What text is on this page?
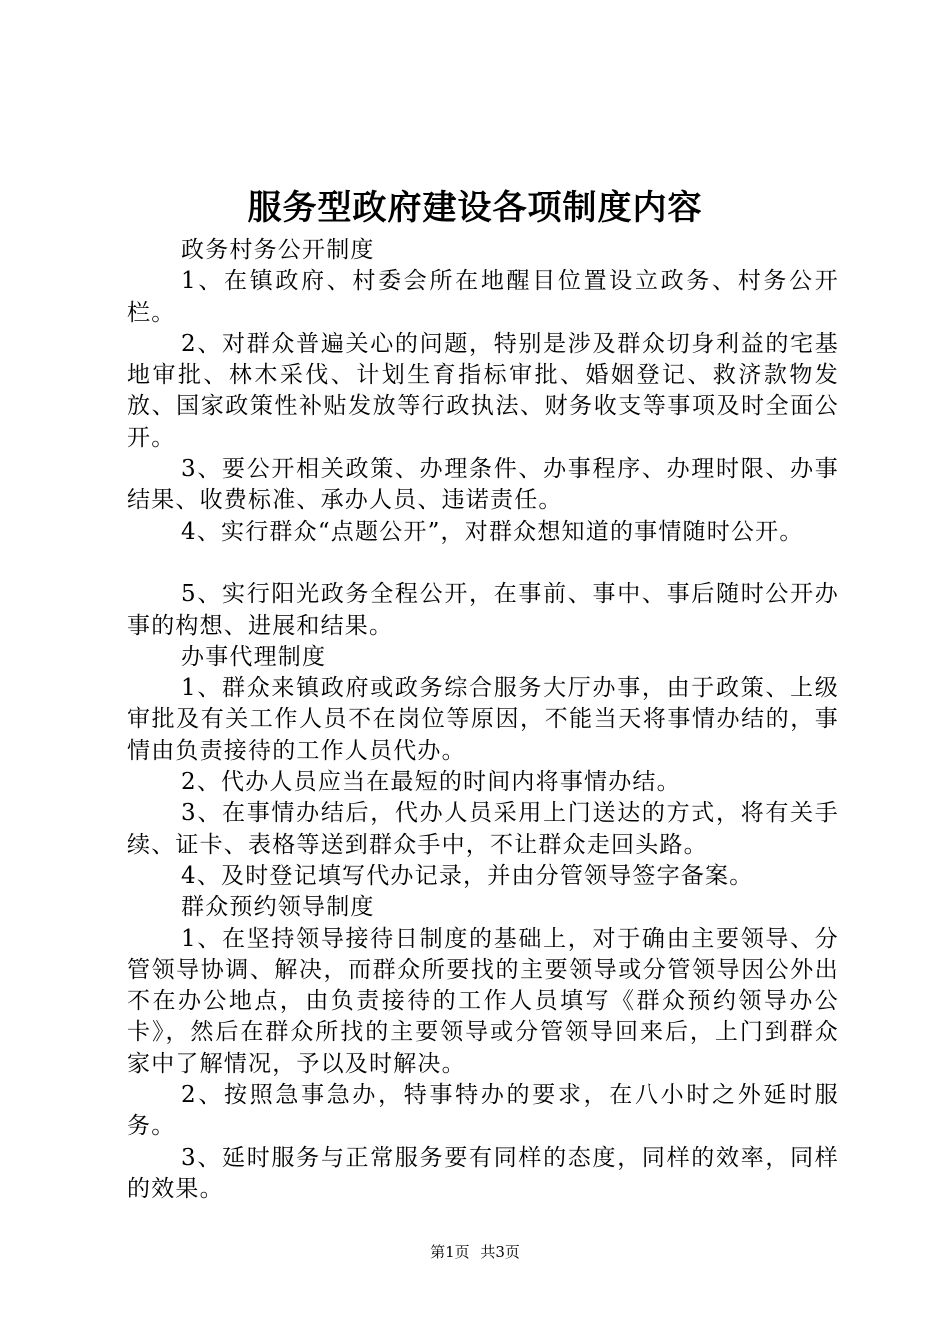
服务型政府建设各项制度内容

政务村务公开制度

1、在镇政府、村委会所在地醒目位置设立政务、村务公开栏。

2、对群众普遍关心的问题，特别是涉及群众切身利益的宅基地审批、林木采伐、计划生育指标审批、婚姻登记、救济款物发放、国家政策性补贴发放等行政执法、财务收支等事项及时全面公开。

3、要公开相关政策、办理条件、办事程序、办理时限、办事结果、收费标准、承办人员、违诺责任。

4、实行群众“点题公开”，对群众想知道的事情随时公开。

5、实行阳光政务全程公开，在事前、事中、事后随时公开办事的构想、进展和结果。

办事代理制度

1、群众来镇政府或政务综合服务大厅办事，由于政策、上级审批及有关工作人员不在岗位等原因，不能当天将事情办结的，事情由负责接待的工作人员代办。

2、代办人员应当在最短的时间内将事情办结。

3、在事情办结后，代办人员采用上门送达的方式，将有关手续、证卡、表格等送到群众手中，不让群众走回头路。

4、及时登记填写代办记录，并由分管领导签字备案。

群众预约领导制度

1、在坚持领导接待日制度的基础上，对于确由主要领导、分管领导协调、解决，而群众所要找的主要领导或分管领导因公外出不在办公地点，由负责接待的工作人员填写《群众预约领导办公卡》，然后在群众所找的主要领导或分管领导回来后，上门到群众家中了解情况，予以及时解决。

2、按照急事急办，特事特办的要求，在八小时之外延时服务。

3、延时服务与正常服务要有同样的态度，同样的效率，同样的效果。

第1页 共3页
